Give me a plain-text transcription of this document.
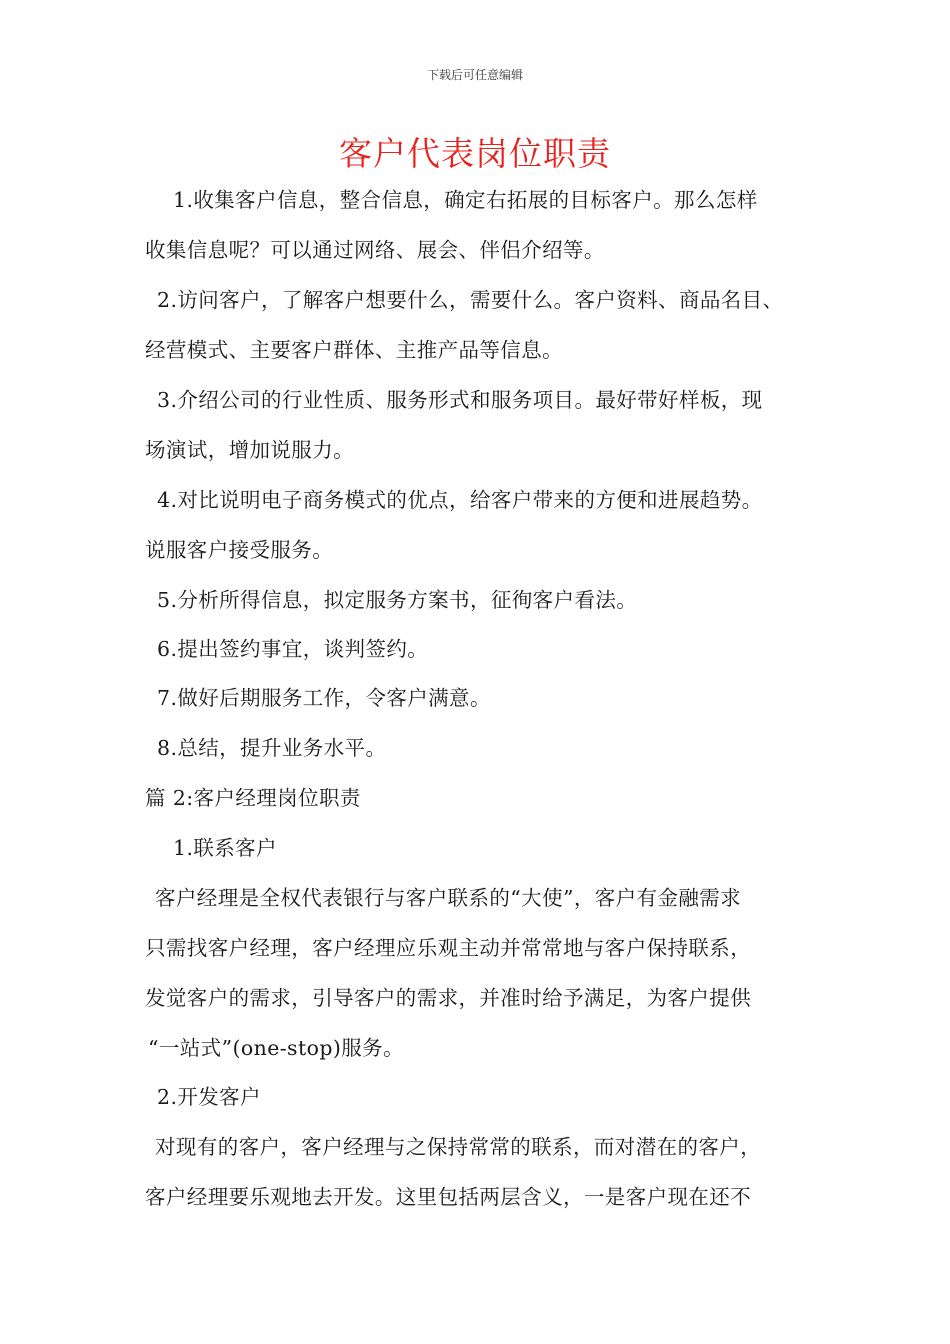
下载后可任意编辑
客户代表岗位职责
1.收集客户信息，整合信息，确定右拓展的目标客户。那么怎样
收集信息呢？可以通过网络、展会、伴侣介绍等。
2.访问客户，了解客户想要什么，需要什么。客户资料、商品名目、
经营模式、主要客户群体、主推产品等信息。
3.介绍公司的行业性质、服务形式和服务项目。最好带好样板，现
场演试，增加说服力。
4.对比说明电子商务模式的优点，给客户带来的方便和进展趋势。
说服客户接受服务。
5.分析所得信息，拟定服务方案书，征徇客户看法。
6.提出签约事宜，谈判签约。
7.做好后期服务工作，令客户满意。
8.总结，提升业务水平。
篇 2:客户经理岗位职责
1.联系客户
客户经理是全权代表银行与客户联系的“大使”，客户有金融需求
只需找客户经理，客户经理应乐观主动并常常地与客户保持联系，
发觉客户的需求，引导客户的需求，并准时给予满足，为客户提供
“一站式”(one-stop)服务。
2.开发客户
对现有的客户，客户经理与之保持常常的联系，而对潜在的客户，
客户经理要乐观地去开发。这里包括两层含义，一是客户现在还不
